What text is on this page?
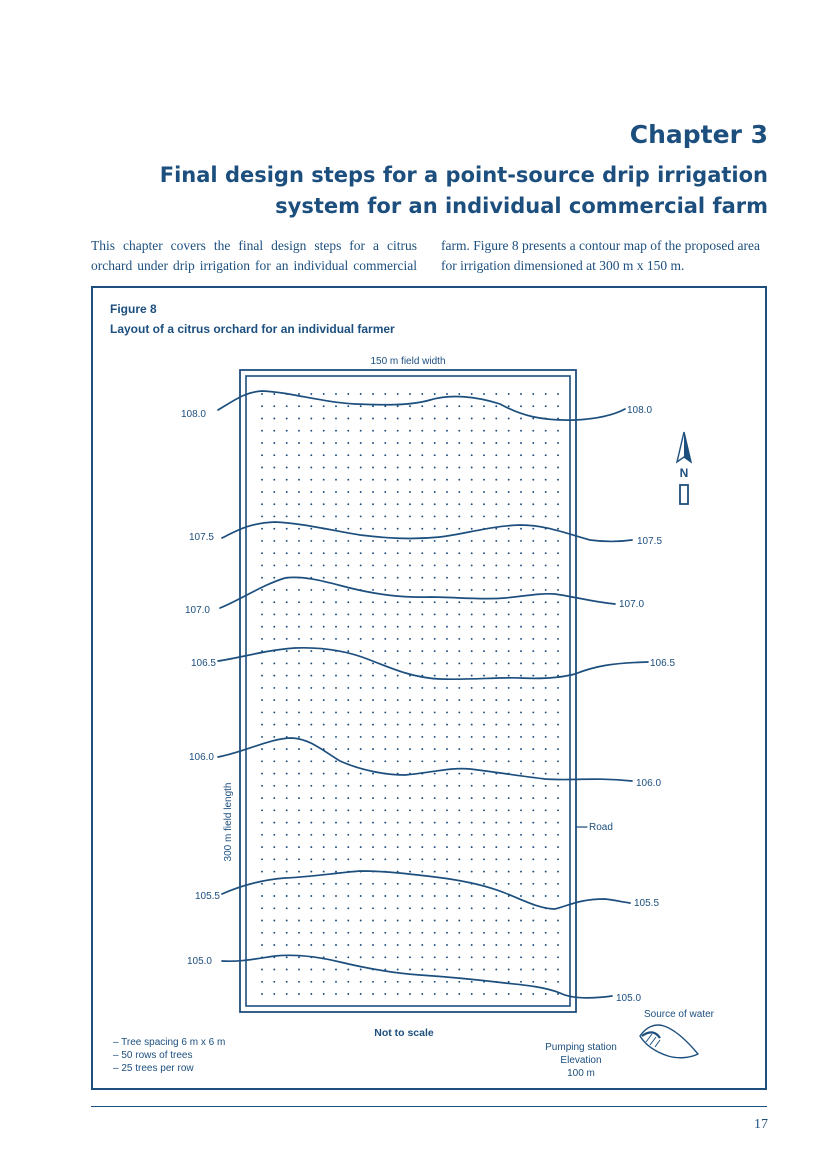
Chapter 3

Final design steps for a point-source drip irrigation system for an individual commercial farm

This chapter covers the final design steps for a citrus orchard under drip irrigation for an individual commercial

farm. Figure 8 presents a contour map of the proposed area for irrigation dimensioned at 300 m x 150 m.

Figure 8

Layout of a citrus orchard for an individual farmer

150 m field width
300 m field length	Road
108.0	108.0
107.5	107.5
107.0
107.0
106.5	106.5
106.0
106.0
105.5
105.5
105.0
105.0
N
Not to scale
– Tree spacing 6 m x 6 m
– 50 rows of trees
– 25 trees per row
Source of water
Pumping station
Elevation
100 m
17
